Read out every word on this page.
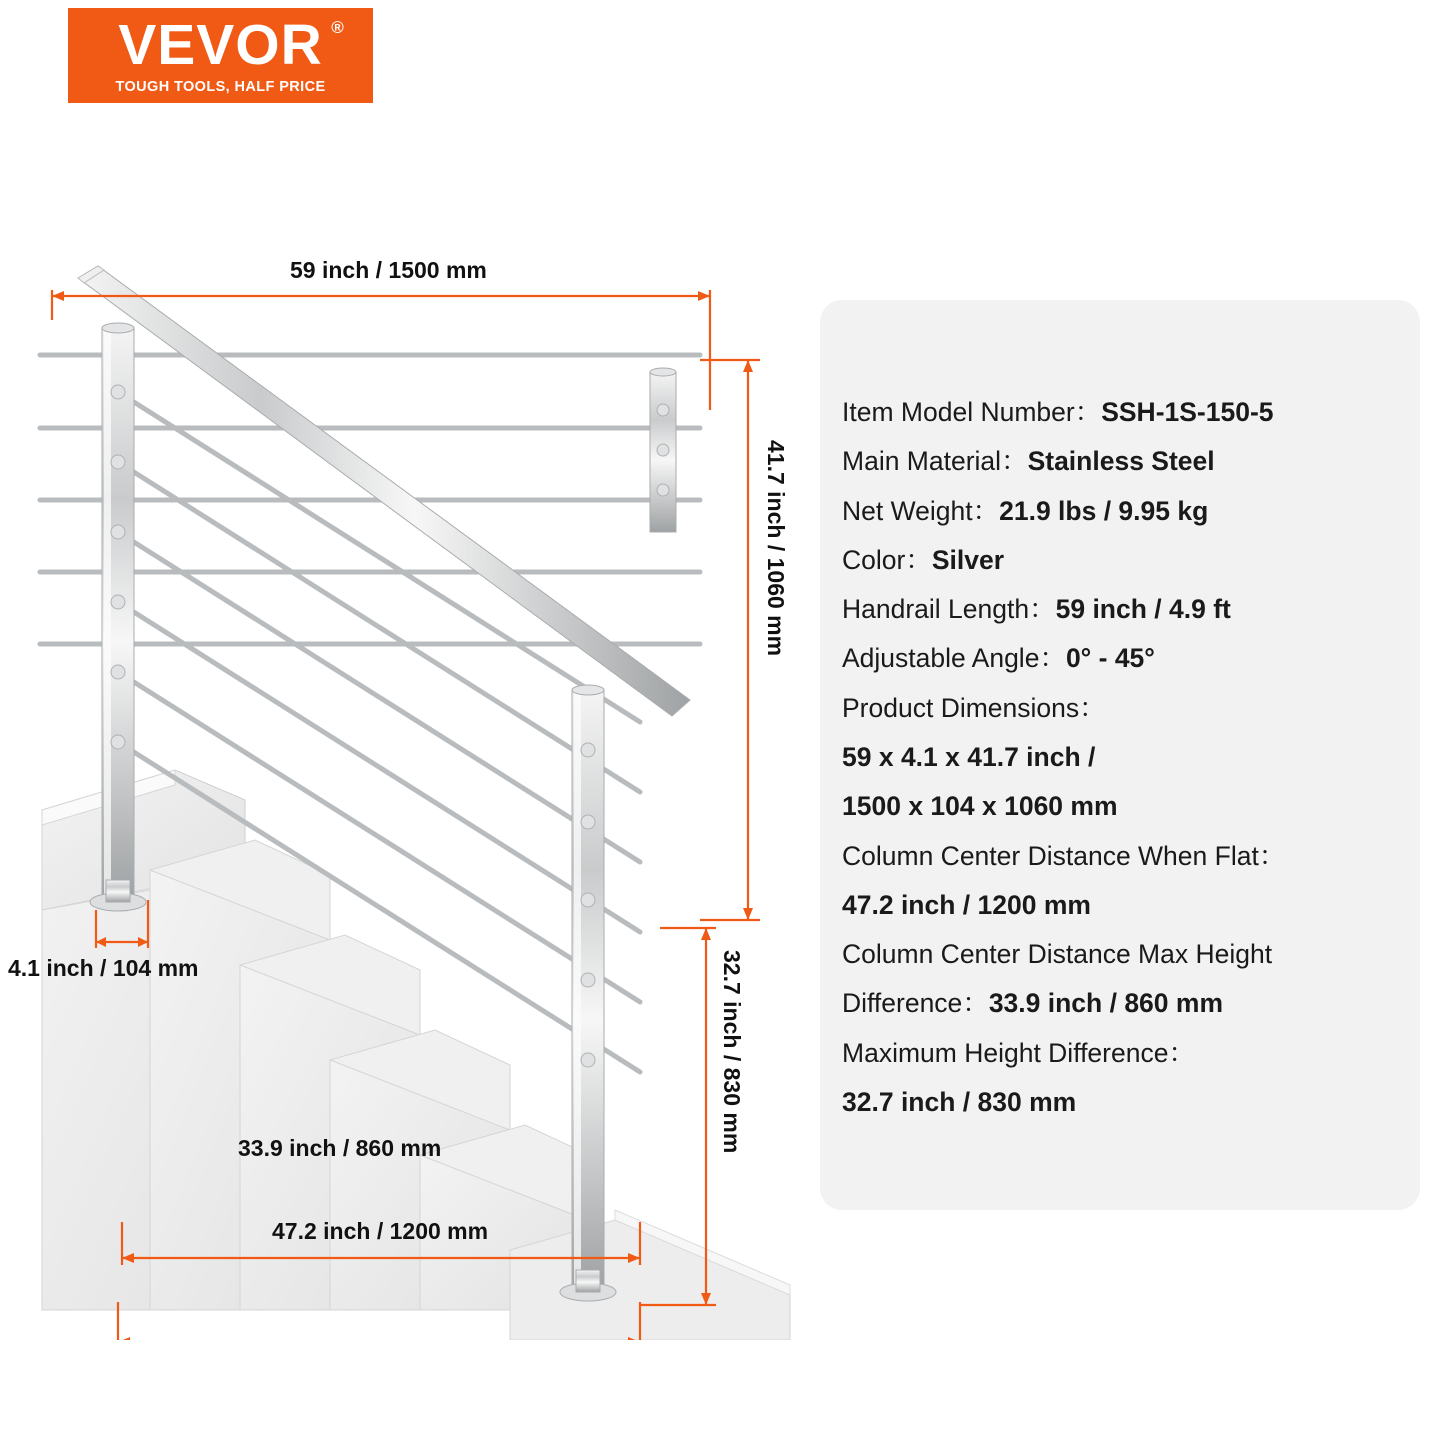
VEVOR ®
TOUGH TOOLS, HALF PRICE
59 inch / 1500 mm
41.7 inch / 1060 mm
4.1 inch / 104 mm	32.7 inch / 830 mm
33.9 inch / 860 mm
47.2 inch / 1200 mm
Item Model Number：SSH-1S-150-5
Main Material：Stainless Steel
Net Weight：21.9 lbs / 9.95 kg
Color：Silver
Handrail Length：59 inch / 4.9 ft
Adjustable Angle：0° - 45°
Product Dimensions：
59 x 4.1 x 41.7 inch /
1500 x 104 x 1060 mm
Column Center Distance When Flat：
47.2 inch / 1200 mm
Column Center Distance Max Height
Difference：33.9 inch / 860 mm
Maximum Height Difference：
32.7 inch / 830 mm
